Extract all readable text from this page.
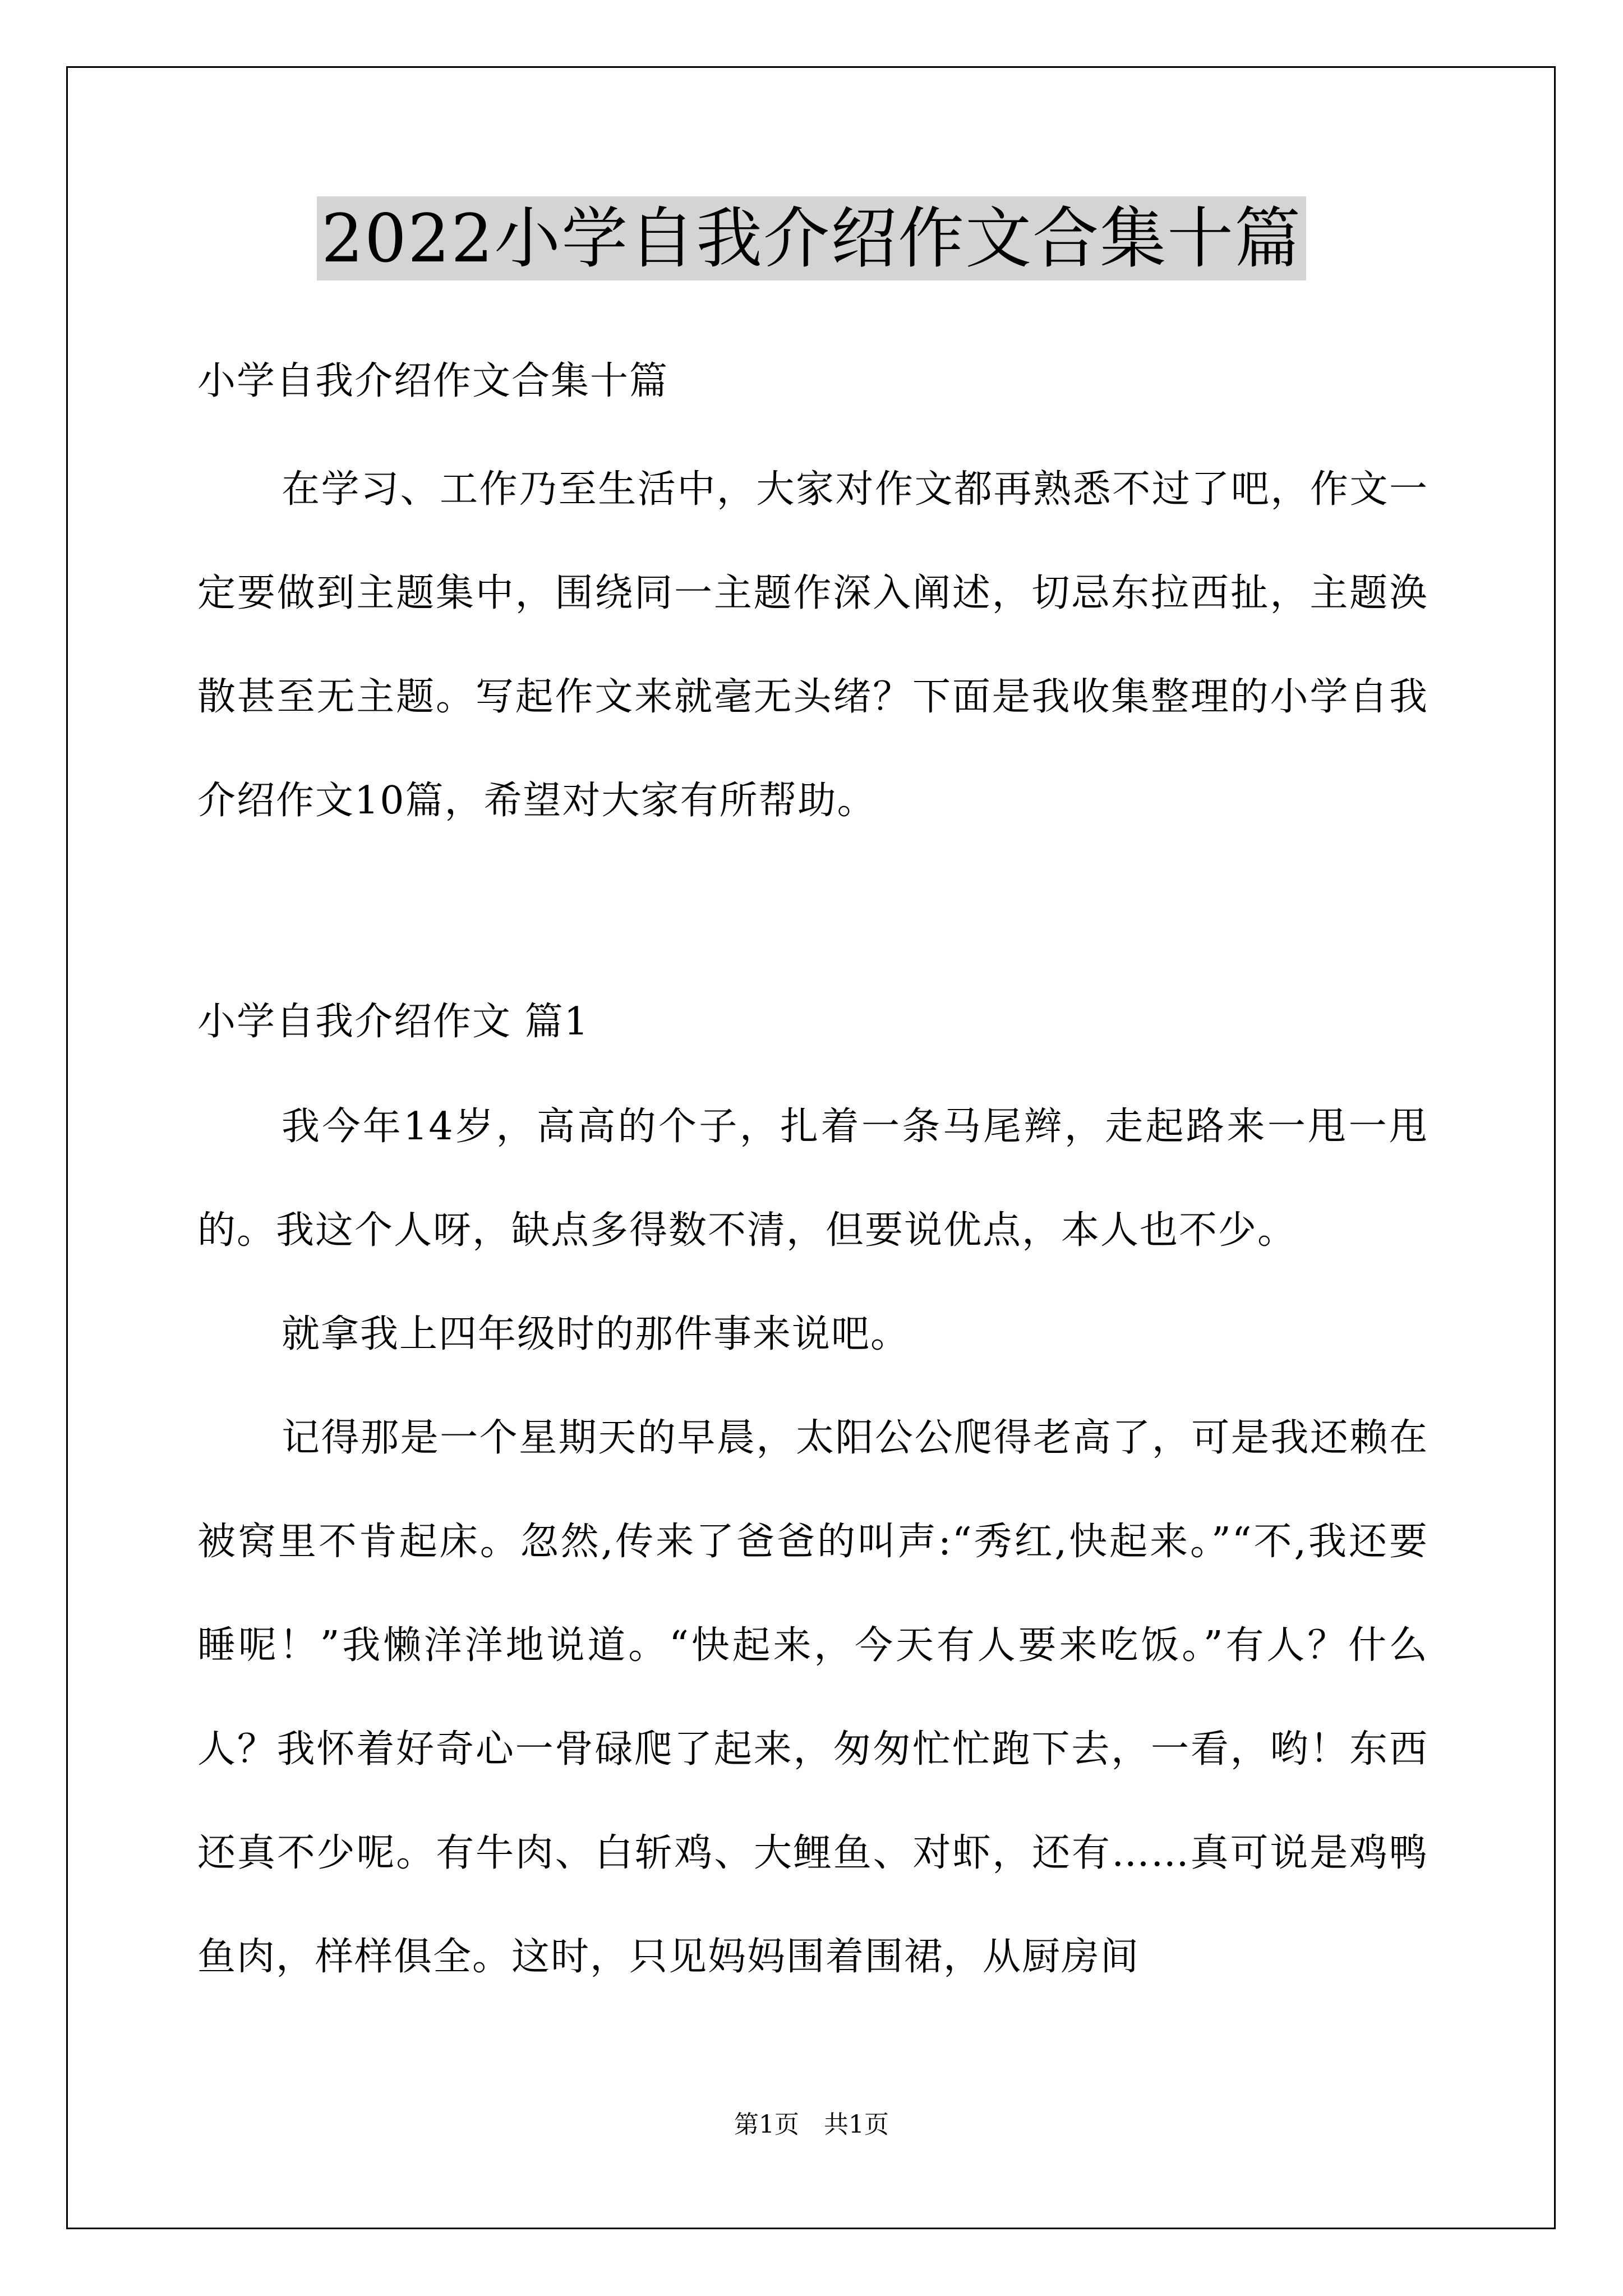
2022小学自我介绍作文合集十篇

小学自我介绍作文合集十篇

在学习、工作乃至生活中，大家对作文都再熟悉不过了吧，作文一定要做到主题集中，围绕同一主题作深入阐述，切忌东拉西扯，主题涣散甚至无主题。写起作文来就毫无头绪？下面是我收集整理的小学自我介绍作文10篇，希望对大家有所帮助。

小学自我介绍作文 篇1

我今年14岁，高高的个子，扎着一条马尾辫，走起路来一甩一甩的。我这个人呀，缺点多得数不清，但要说优点，本人也不少。

就拿我上四年级时的那件事来说吧。

记得那是一个星期天的早晨，太阳公公爬得老高了，可是我还赖在被窝里不肯起床。忽然,传来了爸爸的叫声:“秀红,快起来。”“不,我还要睡呢！”我懒洋洋地说道。“快起来，今天有人要来吃饭。”有人？什么人？我怀着好奇心一骨碌爬了起来，匆匆忙忙跑下去，一看，哟！东西还真不少呢。有牛肉、白斩鸡、大鲤鱼、对虾，还有……真可说是鸡鸭鱼肉，样样俱全。这时，只见妈妈围着围裙，从厨房间

第1页　共1页
